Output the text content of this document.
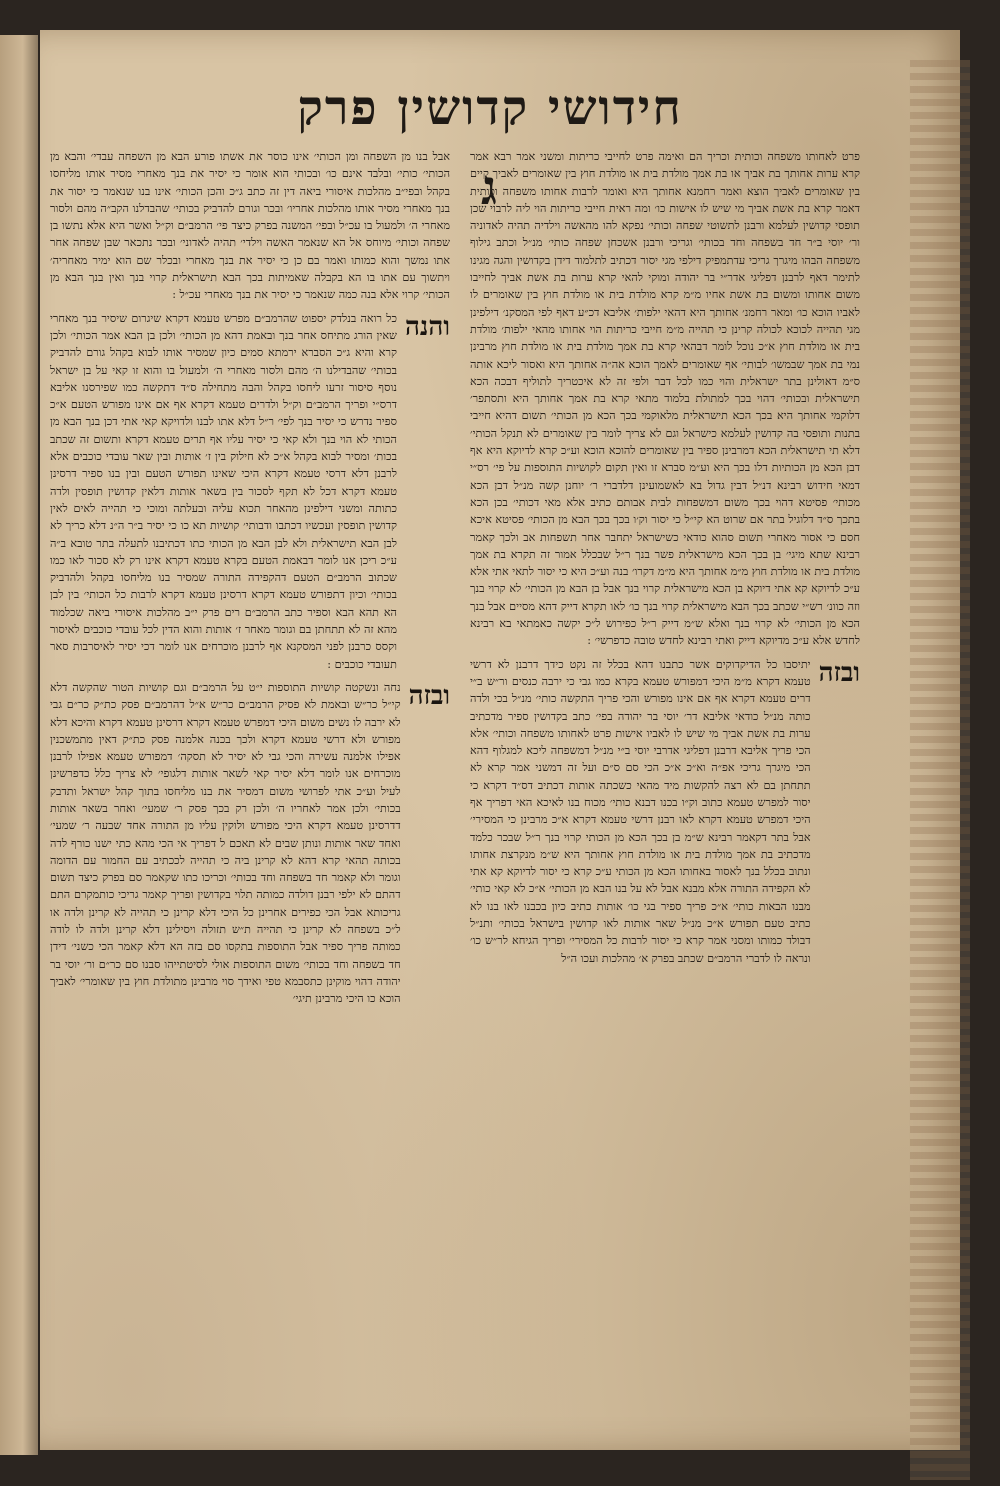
חידושי קדושין פרק ג

פרט לאחותו משפחה וכותית וכריך הם ואימה פרט לחייבי כריתות ומשני אמר רבא אמר קרא ערות אחותך בת אביך או בת אמך מולדת בית או מולדת חוץ בין שאומרים לאביך קיים בין שאומרים לאביך הוצא ואמר רחמנא אחותך היא ואומר לרבות אחותו משפחה וכותית דאמר קרא בת אשת אביך מי שיש לו אישות כו׳ ומה ראית חייבי כריתות הוי ליה לרבוי שכן תופסי קדושין לעלמא ורבנן לתשוטי שפחה וכותי׳ נפקא להו מהאשה וילדיה תהיה לאדוניה ור׳ יוסי ב״ר חד בשפחה וחד בכותי׳ וגריכי ורבנן אשכחן שפחה כותי׳ מנ״ל וכתב גילוף משפחה הבהו מיגרך גריכי עדתמפיק דילפי מגי יסור דכתיב לתלמוד דידן בקדושין והגה מגינו לתימר דאף לרבנן דפליגי אדר״י בר יהודה ומוקי להאי קרא ערות בת אשת אביך לחייבו משום אחותו ומשום בת אשת אחיו מ״מ קרא מולדת בית או מולדת חוץ בין שאומרים לו לאביו הוכא כו׳ ומאר רחמנ׳ אחותך היא דהאי ילפות׳ אליבא דכ״ע דאף לפי המסקנ׳ דילפינן מגי תהייה לכוכא לכולה קרינן כי תהייה מ״מ חייבי כריתות הוי אחותו מהאי ילפות׳ מולדת בית או מולדת חוץ א״כ נוכל לומר דבהאי קרא בת אמך מולדת בית או מולדת חוץ מרבינן נמי בת אמך שבמשו׳ לבותי׳ אף שאומרים לאמך הוכא אה״ה אחותך היא ואסור ליכא אותה ס״מ דאולינן בתר ישראלית והוי כמו לכל דבר ולפי זה לא איכטריך לתוליף דבכה הכא תישראלית ובכותי׳ דהוי בכך למתולת בלמוד מתאי קרא בת אמך אחותך היא ותסתפר׳ דלוקמי אחותך היא בכך הכא תישראלית מלאוקמי בכך הכא מן הכותי׳ תשום דהיא חייבי בתנות ותופסי בה קדושין לעלמא כישראל וגם לא צריך לומר בין שאומרים לא תנקל הכותי׳ דלא תי תישראלית הכא דמרבינן ספיר בין שאומרים להוכא הוכא וע״כ קרא לדיוקא היא אף דבן הכא מן הכותיות דלו בכך היא וע״מ סברא זו ואין תקום לקושיות התוספות על פי׳ רס״י דמאי חידוש רבינא דנ״ל דבין גדול בא לאשמועינן דלדברי ר׳ יוחנן קשה מנ״ל דבן הכא מכותי׳ פסיטא דהוי בכך משום דמשפחות לבית אבותם כתיב אלא מאי דכותי׳ בכן הכא בתכך ס״ד דלוגיל בתר אם שרוט הא קי״ל כי יסור וק׳ו בכך בכך הבא מן הכותי׳ פסיטא איכא חסם כי אסור מאחרי תשום סהוא כודאי כשישראל יתחבר אחר תשפחות אב ולכך קאמר רבינא שתא מיגי׳ בן בכך הכא מישראלית פשר בנך ר״ל שבכלל אמור זה תקרא בת אמך מולדת בית או מולדת חוץ מ״מ אחותך היא מ״מ דקרו׳ בנה וע״כ היא כי יסור לתאי אתי אלא ע״כ לדיוקא קא אתי דיוקא בן הכא מישראלית קרוי בנך אבל בן הבא מן הכותי׳ לא קרוי בנך וזה כוונ׳ רש״י שכתב בכך הבא מישראלית קרוי בנך כו׳ לאו תקרא דייק דהא מסיים אבל בנך הכא מן הכותי׳ לא קרוי בנך ואלא ש״מ דייק ר״ל כפירוש ל״כ יקשה כאמתאי בא רבינא לחדש אלא ע״כ מדיוקא דייק ואתי רבינא לחדש טובה כדפרשי׳ :

ובזה
יתיסבו כל הדיקדוקים אשר כתבנו דהא בכלל זה נקט כידך דרבנן לא דרשי טעמא דקרא מ״מ היכי דמפורש טעמא בקרא כמו גבי כי ירבה כנסים ור״ש ב״י דרים טעמא דקרא אף אם אינו מפורש והכי פריך התקשה כותי׳ מנ״ל בכי ולדה כותה מנ״ל כודאי אליבא דר׳ יוסי בר יהודה בפי׳ כתב בקדושין ספיר מדכתיב ערות בת אשת אביך מי שיש לו לאביו אישות פרט לאחותו משפחה וכותי׳ אלא הכי פריך אליבא דרבנן דפליגי אדרבי יוסי ב״י מנ״ל דמשפחה ליכא למגלוף דהא הכי מיגרך גריכי אפ״ה וא״כ א״כ הכי סם ס״ם ועל זה דמשני אמר קרא לא תתחתן בם לא רצה להקשות מיד מהאי כשכתה אותות דכתיב דס״ד דקרא כי יסור למפרש טעמא כתוב וק״ו בכנו דבנא כותי׳ מכוח בנו לאיכא האי דפריך אף היכי דמפרש טעמא דקרא לאו רבנן דרשי טעמא דקרא א״כ מרבינן כי המסירי׳ אבל בתר דקאמר רבינא ש״מ בן בכך הכא מן הכותי קרוי בנך ר״ל שבכר כלמד מדכתיב בת אמך מולדת בית או מולדת חוץ אחותך היא ש״מ מנקרצת אחותו ונתוב בכלל בנך לאסור באחותו הכא מן הכותי ע״כ קרא כי יסור לדיוקא קא אתי לא הקפידה התורה אלא מבנא אבל לא על בנו הבא מן הכותי׳ א״כ לא קאי כותי׳ מבנו הבאות כותי׳ א״כ פריך ספיר בגי כו׳ אותות כתיב כיון בכבנו לאו בנו לא כתיב טעם תפורש א״כ מנ״ל שאר אותות לאו קדושין בישראל בכותי׳ ותנ״ל דבולד כמותו ומסני אמר קרא כי יסור לרבות כל המסירי׳ ופריך הגיחא לר״ש כו׳ ונראה לו לדברי הרמב״ם שכתב בפרק א׳ מהלכות ועכו ה״ל

אבל בנו מן השפחה ומן הכותי׳ אינו כוסר את אשתו פורע הבא מן השפחה עבדי׳ והבא מן הכותי׳ כותי׳ ובלבד אינם כו׳ ובכותי הוא אומר כי יסיר את בנך מאחרי מסיר אותו מליחסו בקהל ובפי״ב מהלכות איסורי ביאה דין זה כתב ג״כ והכן הכותי׳ אינו בנו שנאמר כי יסור את בנך מאחרי מסיר אותו מהלכות אחריו׳ ובכר וגורם להדביק בכותי׳ שהבדלנו הקב״ה מהם ולסור מאחרי ה׳ ולמעול בו עכ״ל ובפי׳ המשנה בפרק כיצד פי׳ הרמב״ם וק״ל ואשר היא אלא נתשו בן שפחה וכותי׳ מיוחס אל הא שנאמר האשה וילדי׳ תהיה לאדוני׳ ובכר נתכאר שבן שפחה אחר אתו נמשך והוא כמותו ואמר בם כן כי יסיר את בנך מאחרי ובכלר שם הוא ימיר מאחריה׳ ויתשוך עם אתו בו הא בקבלה שאמיתות בכך הבא תישראלית קרוי בנך ואין בנך הבא מן הכותי׳ קרוי אלא בנה כמה שנאמר כי יסיר את בנך מאחרי עכ״ל :

והנה
כל רואה בנלדק יספוט שהרמב״ם מפרש טעמא דקרא שיגרום שיסיר בנך מאחרי שאין הורג מתיחס אחר בנך ובאמת דהא מן הכותי׳ ולכן בן הבא אמר הכותי׳ ולכן קרא והיא ג״כ הסברא ירמתא סמים כיון שמסיר אותו לבוא בקהל גורם להדביק בכותי׳ שהבדילנו ה׳ מהם ולסור מאחרי ה׳ ולמעול בו והוא זו קאי על בן ישראל נוסף סיסור זרעו ליחסו בקהל והבה מתחילה ס״ד דתקשה כמו שפירסנו אליבא דרס״י ופריך הרמב״ם וק״ל ולדרים טעמא דקרא אף אם אינו מפורש הטעם א״כ ספיר נדרש כי יסיר בנך לפי׳ ר״ל דלא אתו לבנו ולדויקא קאי אתי דכן בנך הבא מן הכותי לא הוי בנך ולא קאי כי יסיר עליו אף תרים טעמא דקרא ותשום זה שכתב בכות׳ ומסיר לבוא בקהל א״כ לא חילוק בין ז׳ אותות ובין שאר עובדי כוכבים אלא לרבנן דלא דרסי טעמא דקרא היכי שאינו תפורש הטעם ובין בנו ספיר דרסינן טעמא דקרא דכל לא תקף לסכור בין בשאר אותות דלאין קדושין תופסין ולדה כתותה ומשני דילפינן מהאחר תכוא עליה ובעלתה ומוכי כי תהייה לאים לאין קדושין תופסין ועכשיו דכתבו ודבותי׳ קושיות תא כו כי יסיר ב״ר ה״נ דלא כריך לא לבן הבא תישראלית ולא לבן הבא מן הכותי כתו דכתיבנו לתעלה בתר טובא ב״ה ע״כ ריכן אנו לומר דבאמת הטעם בקרא טעמא דקרא אינו רק לא סכור לאו כמו שכתוב הרמב״ם הטעם דהקפידה התורה שמסיר בנו מליחסו בקהל ולהדביק בכותי׳ וכיון דתפורש טעמא דקרא דרסינן טעמא דקרא לרבות כל הכותי׳ בין לבן הא תהא הבא וספיר כתב הרמב״ם רים פרק י״ב מהלכות איסורי ביאה שכלמוד מהא זה לא תתחתן בם וגומר מאחר ז׳ אותות והוא הדין לכל עובדי כוכבים לאיסור וקסס כרבנן לפני המסקנא אף לרבנן מוכרחים אנו לומר דכי יסיר לאיסרבות סאר תעובדי כוכבים :
ובזה
נחה ונשקטה קושיות התוספות י״ט על הרמב״ם וגם קושיות הטור שהקשה דלא קי״ל כר״ש ובאמת לא פסיק הרמב״ם כר״ש א״ל דהרמב״ם פסק כת״ק כר״ם גבי לא ירבה לו נשים משום היכי דמפרש טעמא דקרא דרסינן טעמא דקרא והיכא דלא מפורש ולא דרשי טעמא דקרא ולכך בכנה אלמנה פסק כת״ק דאין מתמשכנין אפילו אלמנה עשירה והכי גבי לא יסיר לא תסקה׳ דמפורש טעמא אפילו לרבנן מוכרחים אנו לומר דלא יסיר קאי לשאר אותות דלגופי׳ לא צריך כלל כדפרשינן לעיל וע״כ אתי לפרושי משום דמסיר את בנו מליחסו בתוך קהל ישראל ותדבק בכותי׳ ולכן אמר לאחריו ה׳ ולכן רק בכך פסק ר׳ שמעי׳ ואחר בשאר אותות דדרסינן טעמא דקרא היכי מפורש ולוקין עליו מן התורה אחד שבעה ר׳ שמעי׳ ואחד שאר אותות ונותן שבים לא תאכם ל דפריך אי הכי מהא כתי ישנו כורף לדה בכותה תהאי קרא דהא לא קרינן ביה כי תהייה לככתיב עם החמור עם הדומה וגומר ולא קאמר חד בשפחה וחד בכותי׳ וכריכו כתו שקאמר סם בפרק כיצד תשום דהתם לא ילפי רבנן דולדה כמותה תלוי בקדושין ופריך קאמר גריכי כותמקרם התם גריכותא אבל הכי כפירים אחרינן כל היכי דלא קרינן כי תהייה לא קרינן ולדה או ל״כ בשפחה לא קרינן כי תהייה ת״ש תזולה ויסילינן דלא קרינן ולדה לו לודה כמותה פריך ספיר אבל התוספות בתקסו סם בזה הא דלא קאמר הכי כשני׳ דידן חד בשפחה וחד בכותי׳ משום התוספות אולי לסיטתייהו סבנו סם כר״ם ור׳ יוסי בר יהודה דהוי מוקינן כתסבמא טפי ואידך סוי מרבינן מתולדת חוץ בין שאומרי׳ לאביך הוכא כו היכי מרבינן תיגי׳
